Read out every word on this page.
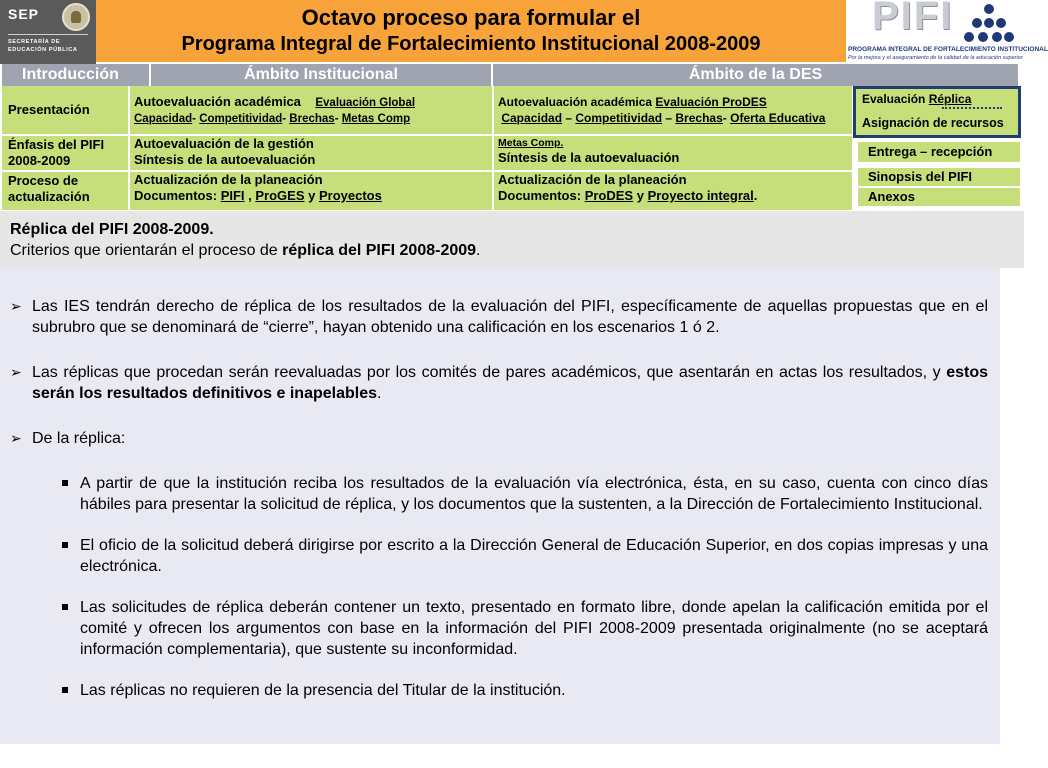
SEP
SECRETARÍA DE
EDUCACIÓN PÚBLICA
Octavo proceso para formular el
Programa Integral de Fortalecimiento Institucional 2008-2009
PIFI
PROGRAMA INTEGRAL DE FORTALECIMIENTO INSTITUCIONAL
Por la mejora y el aseguramiento de la calidad de la educación superior
Introducción	Ámbito Institucional	Ámbito de la DES
Presentación
Énfasis del PIFI
2008-2009
Proceso de
actualización
Autoevaluación académica Evaluación Global
Capacidad- Competitividad- Brechas- Metas Comp
Autoevaluación de la gestión
Síntesis de la autoevaluación
Actualización de la planeación
Documentos: PIFI , ProGES y Proyectos
Autoevaluación académica Evaluación ProDES
Capacidad – Competitividad – Brechas- Oferta Educativa
Metas Comp.
Síntesis de la autoevaluación
Actualización de la planeación
Documentos: ProDES y Proyecto integral.
Evaluación Réplica
Asignación de recursos
Entrega – recepción
Sinopsis del PIFI
Anexos
Réplica del PIFI 2008-2009.
Criterios que orientarán el proceso de réplica del PIFI 2008-2009.
➢ Las IES tendrán derecho de réplica de los resultados de la evaluación del PIFI, específicamente de aquellas propuestas que en el subrubro que se denominará de “cierre”, hayan obtenido una calificación en los escenarios 1 ó 2.
➢ Las réplicas que procedan serán reevaluadas por los comités de pares académicos, que asentarán en actas los resultados, y estos serán los resultados definitivos e inapelables.
➢ De la réplica:
A partir de que la institución reciba los resultados de la evaluación vía electrónica, ésta, en su caso, cuenta con cinco días hábiles para presentar la solicitud de réplica, y los documentos que la sustenten, a la Dirección de Fortalecimiento Institucional.
El oficio de la solicitud deberá dirigirse por escrito a la Dirección General de Educación Superior, en dos copias impresas y una electrónica.
Las solicitudes de réplica deberán contener un texto, presentado en formato libre, donde apelan la calificación emitida por el comité y ofrecen los argumentos con base en la información del PIFI 2008-2009 presentada originalmente (no se aceptará información complementaria), que sustente su inconformidad.
Las réplicas no requieren de la presencia del Titular de la institución.
